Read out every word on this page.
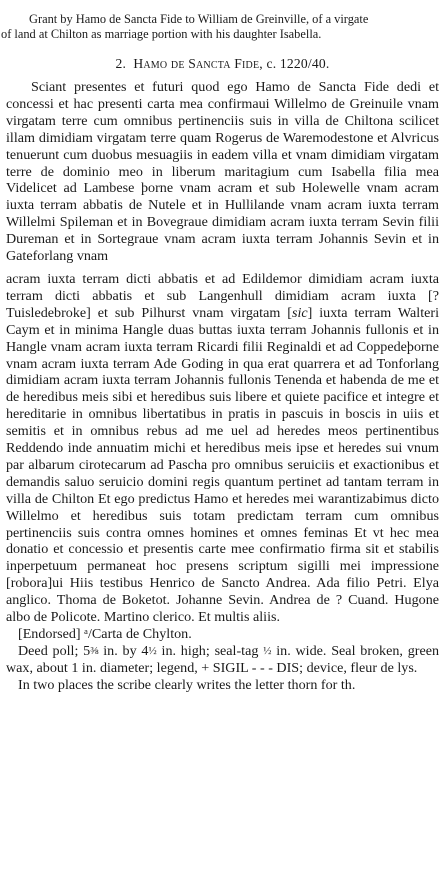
Grant by Hamo de Sancta Fide to William de Greinville, of a virgate
of land at Chilton as marriage portion with his daughter Isabella.
2. Hamo de Sancta Fide, c. 1220/40.

Sciant presentes et futuri quod ego Hamo de Sancta Fide dedi et concessi et hac presenti carta mea confirmaui Willelmo de Greinuile vnam virgatam terre cum omnibus pertinenciis suis in villa de Chiltona scilicet illam dimidiam virgatam terre quam Rogerus de Waremodestone et Alvricus tenuerunt cum duobus mesuagiis in eadem villa et vnam dimidiam virgatam terre de dominio meo in liberum maritagium cum Isabella filia mea Videlicet ad Lambese þorne vnam acram et sub Holewelle vnam acram iuxta terram abbatis de Nutele et in Hullilande vnam acram iuxta terram Willelmi Spileman et in Bovegraue dimidiam acram iuxta terram Sevin filii Dureman et in Sortegraue vnam acram iuxta terram Johannis Sevin et in Gateforlang vnam

acram iuxta terram dicti abbatis et ad Edildemor dimidiam acram iuxta terram dicti abbatis et sub Langenhull dimidiam acram iuxta [? Tuisledebroke] et sub Pilhurst vnam virgatam [sic] iuxta terram Walteri Caym et in minima Hangle duas buttas iuxta terram Johannis fullonis et in Hangle vnam acram iuxta terram Ricardi filii Reginaldi et ad Coppedeþorne vnam acram iuxta terram Ade Goding in qua erat quarrera et ad Tonforlang dimidiam acram iuxta terram Johannis fullonis Tenenda et habenda de me et de heredibus meis sibi et heredibus suis libere et quiete pacifice et integre et hereditarie in omnibus libertatibus in pratis in pascuis in boscis in uiis et semitis et in omnibus rebus ad me uel ad heredes meos pertinentibus Reddendo inde annuatim michi et heredibus meis ipse et heredes sui vnum par albarum cirotecarum ad Pascha pro omnibus seruiciis et exactionibus et demandis saluo seruicio domini regis quantum pertinet ad tantam terram in villa de Chilton Et ego predictus Hamo et heredes mei warantizabimus dicto Willelmo et heredibus suis totam predictam terram cum omnibus pertinenciis suis contra omnes homines et omnes feminas Et vt hec mea donatio et concessio et presentis carte mee confirmatio firma sit et stabilis inperpetuum permaneat hoc presens scriptum sigilli mei impressione [robora]ui Hiis testibus Henrico de Sancto Andrea. Ada filio Petri. Elya anglico. Thoma de Boketot. Johanne Sevin. Andrea de ? Cuand. Hugone albo de Policote. Martino clerico. Et multis aliis.

[Endorsed] ᵃ/Carta de Chylton.

Deed poll; 5⅜ in. by 4½ in. high; seal-tag ½ in. wide. Seal broken, green wax, about 1 in. diameter; legend, + SIGIL - - - DIS; device, fleur de lys.

In two places the scribe clearly writes the letter thorn for th.
